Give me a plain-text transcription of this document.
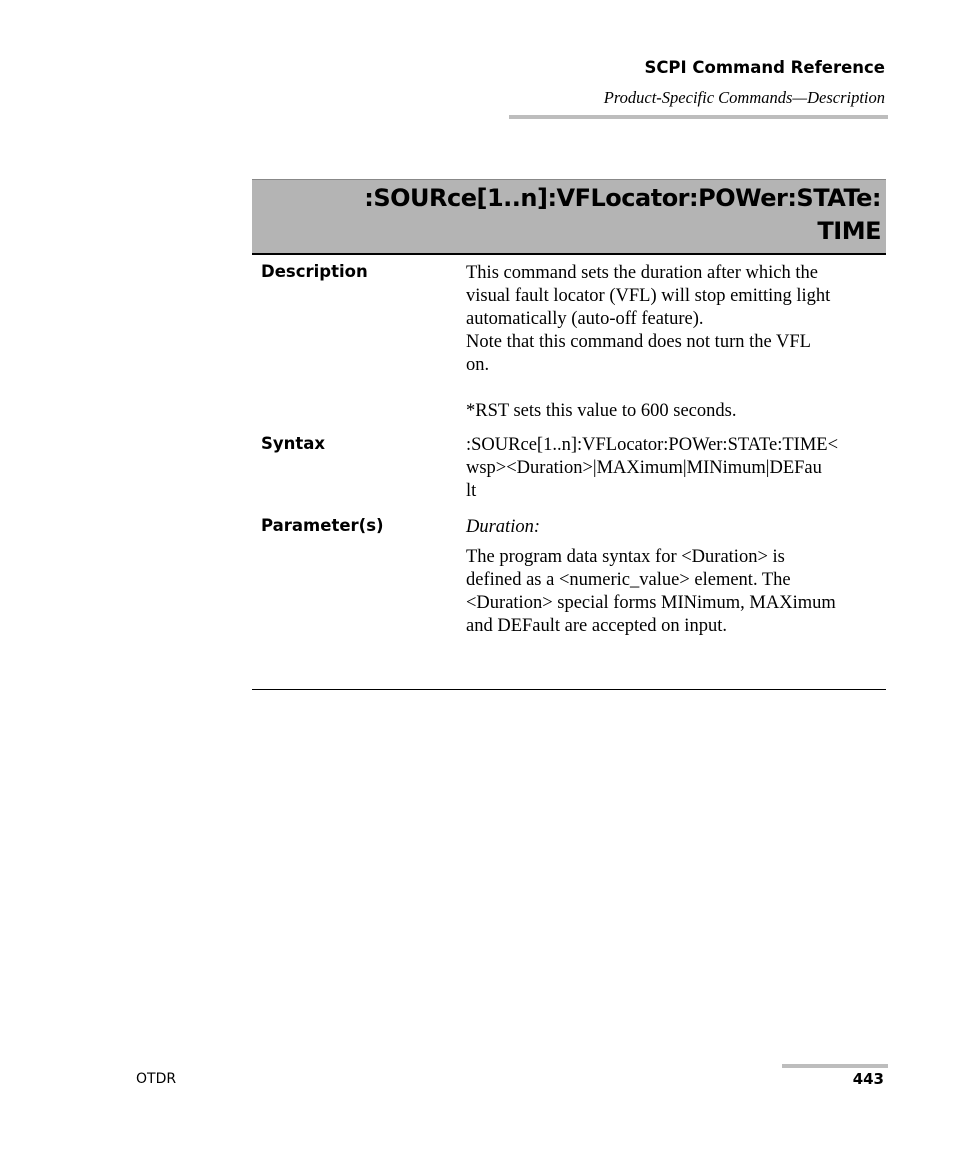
SCPI Command Reference
Product-Specific Commands—Description
:SOURce[1..n]:VFLocator:POWer:STATe:
TIME
Description	This command sets the duration after which the
visual fault locator (VFL) will stop emitting light
automatically (auto-off feature).
Note that this command does not turn the VFL
on.
*RST sets this value to 600 seconds.
Syntax	:SOURce[1..n]:VFLocator:POWer:STATe:TIME<
wsp><Duration>|MAXimum|MINimum|DEFau
lt
Parameter(s)	Duration:
The program data syntax for <Duration> is
defined as a <numeric_value> element. The
<Duration> special forms MINimum, MAXimum
and DEFault are accepted on input.
OTDR	443
